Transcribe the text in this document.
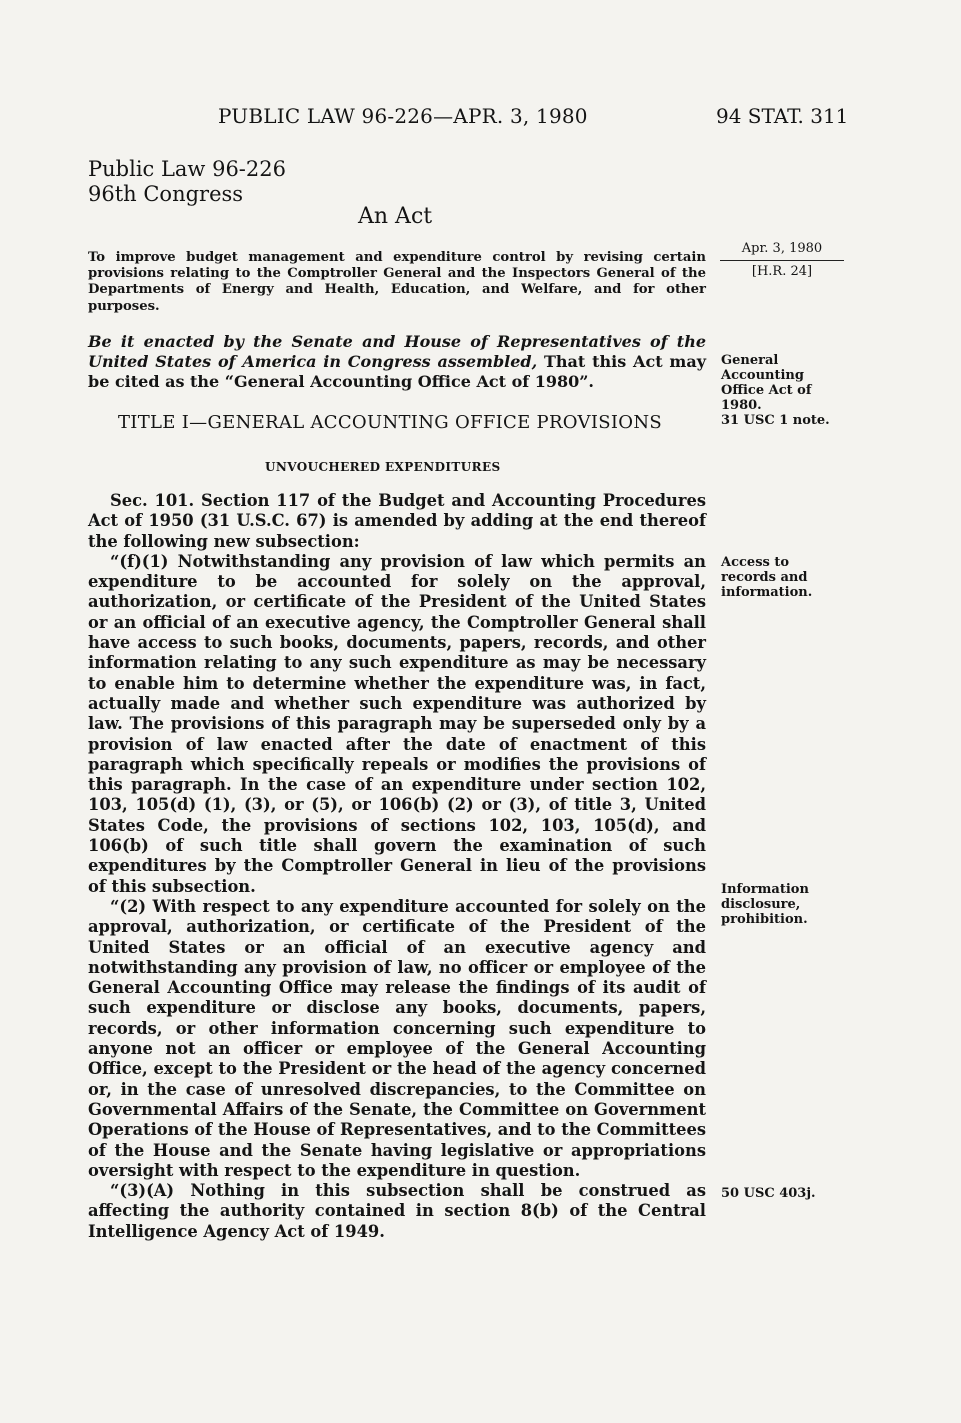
PUBLIC LAW 96-226—APR. 3, 1980	94 STAT. 311
Public Law 96-226
96th Congress
An Act
To improve budget management and expenditure control by revising certain provisions relating to the Comptroller General and the Inspectors General of the Departments of Energy and Health, Education, and Welfare, and for other purposes.
Apr. 3, 1980
[H.R. 24]
Be it enacted by the Senate and House of Representatives of the United States of America in Congress assembled, That this Act may be cited as the “General Accounting Office Act of 1980”.
General Accounting Office Act of 1980.
31 USC 1 note.
TITLE I—GENERAL ACCOUNTING OFFICE PROVISIONS
UNVOUCHERED EXPENDITURES

Sec. 101. Section 117 of the Budget and Accounting Procedures Act of 1950 (31 U.S.C. 67) is amended by adding at the end thereof the following new subsection:

“(f)(1) Notwithstanding any provision of law which permits an expenditure to be accounted for solely on the approval, authorization, or certificate of the President of the United States or an official of an executive agency, the Comptroller General shall have access to such books, documents, papers, records, and other information relating to any such expenditure as may be necessary to enable him to determine whether the expenditure was, in fact, actually made and whether such expenditure was authorized by law. The provisions of this paragraph may be superseded only by a provision of law enacted after the date of enactment of this paragraph which specifically repeals or modifies the provisions of this paragraph. In the case of an expenditure under section 102, 103, 105(d) (1), (3), or (5), or 106(b) (2) or (3), of title 3, United States Code, the provisions of sections 102, 103, 105(d), and 106(b) of such title shall govern the examination of such expenditures by the Comptroller General in lieu of the provisions of this subsection.

“(2) With respect to any expenditure accounted for solely on the approval, authorization, or certificate of the President of the United States or an official of an executive agency and notwithstanding any provision of law, no officer or employee of the General Accounting Office may release the findings of its audit of such expenditure or disclose any books, documents, papers, records, or other information concerning such expenditure to anyone not an officer or employee of the General Accounting Office, except to the President or the head of the agency concerned or, in the case of unresolved discrepancies, to the Committee on Governmental Affairs of the Senate, the Committee on Government Operations of the House of Representatives, and to the Committees of the House and the Senate having legislative or appropriations oversight with respect to the expenditure in question.

“(3)(A) Nothing in this subsection shall be construed as affecting the authority contained in section 8(b) of the Central Intelligence Agency Act of 1949.

Access to records and information.
Information disclosure, prohibition.
50 USC 403j.
